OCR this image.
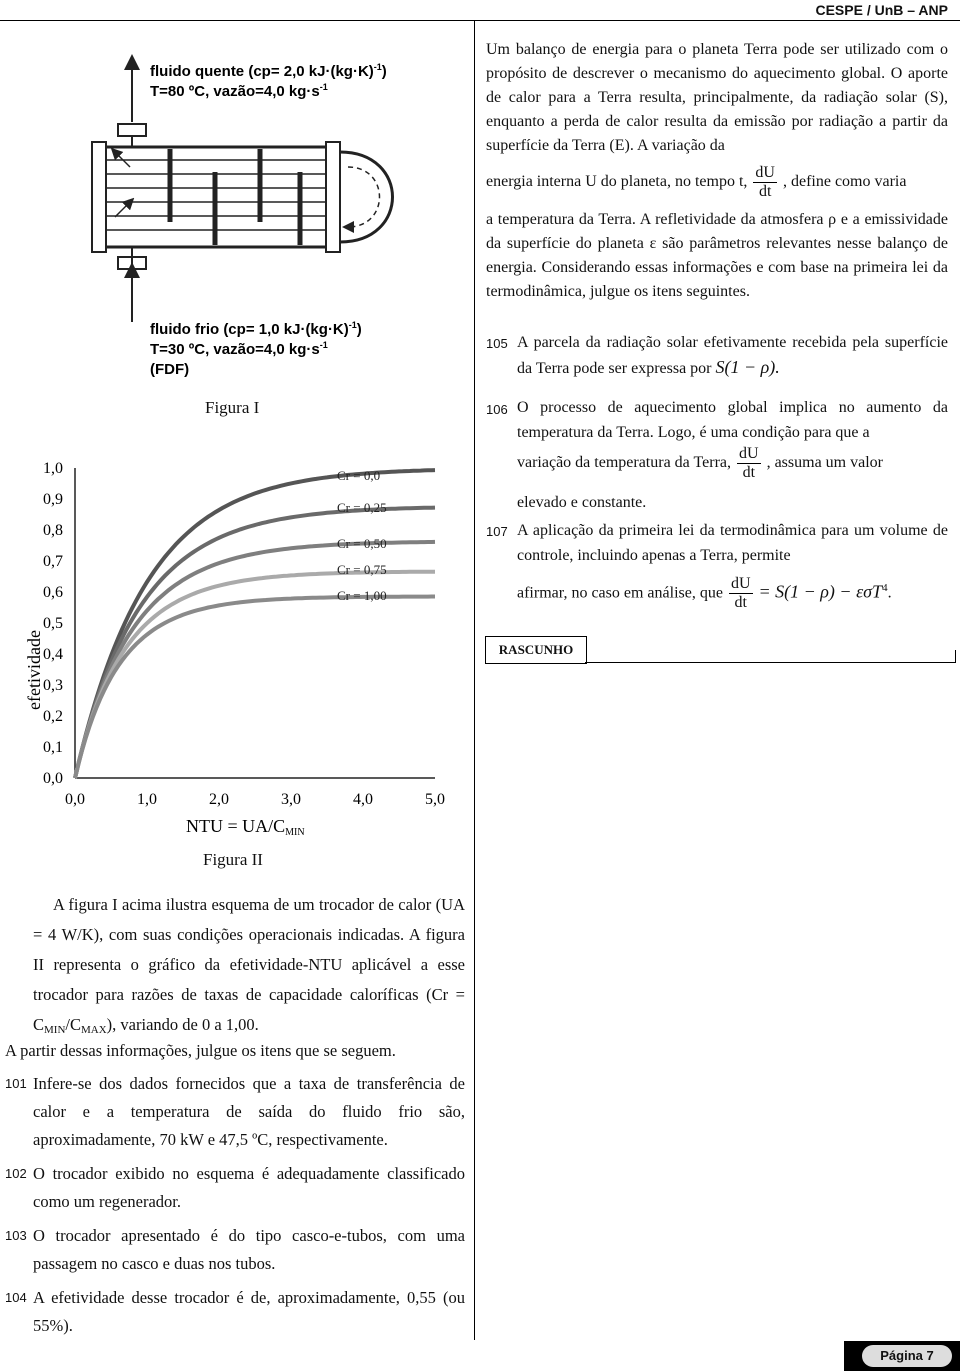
CESPE / UnB – ANP
fluido quente (cp= 2,0 $kJ\cdot(kg\cdot K)^{-1}$)
T=80 ºC, vazão=4,0 $kg\cdot s^{-1}$
fluido frio (cp= 1,0 $kJ\cdot(kg\cdot K)^{-1}$)
T=30 ºC, vazão=4,0 $kg\cdot s^{-1}$
(FDF)
Figura I
0,0
0,1
0,2
0,3
0,4
0,5
0,6
0,7
0,8
0,9
1,0
0,0	1,0	2,0	3,0	4,0	5,0
efetividade
NTU = UA/CMIN
Cr = 0,0
Cr = 0,25
Cr = 0,50
Cr = 0,75
Cr = 1,00
Figura II
A figura I acima ilustra esquema de um trocador de calor (UA = 4 W/K), com suas condições operacionais indicadas. A figura II representa o gráfico da efetividade-NTU aplicável a esse trocador para razões de taxas de capacidade caloríficas $(Cr = C_{MIN}/C_{MAX})$, variando de 0 a 1,00.
A partir dessas informações, julgue os itens que se seguem.
101 Infere-se dos dados fornecidos que a taxa de transferência de calor e a temperatura de saída do fluido frio são, aproximadamente, 70 kW e 47,5 ºC, respectivamente.
102 O trocador exibido no esquema é adequadamente classificado como um regenerador.
103 O trocador apresentado é do tipo casco-e-tubos, com uma passagem no casco e duas nos tubos.
104 A efetividade desse trocador é de, aproximadamente, 0,55 (ou 55%).
Um balanço de energia para o planeta Terra pode ser utilizado com o propósito de descrever o mecanismo do aquecimento global. O aporte de calor para a Terra resulta, principalmente, da radiação solar (S), enquanto a perda de calor resulta da emissão por radiação a partir da superfície da Terra (E). A variação da
energia interna U do planeta, no tempo t, $\frac{dU}{dt}$ , define como varia
a temperatura da Terra. A refletividade da atmosfera ρ e a emissividade da superfície do planeta ε são parâmetros relevantes nesse balanço de energia. Considerando essas informações e com base na primeira lei da termodinâmica, julgue os itens seguintes.
105 A parcela da radiação solar efetivamente recebida pela superfície da Terra pode ser expressa por S(1 − ρ).
106 O processo de aquecimento global implica no aumento da temperatura da Terra. Logo, é uma condição para que a
variação da temperatura da Terra, $\frac{dU}{dt}$ , assuma um valor
elevado e constante.
107 A aplicação da primeira lei da termodinâmica para um volume de controle, incluindo apenas a Terra, permite
afirmar, no caso em análise, que $\frac{dU}{dt} = S(1 - \rho) - \varepsilon\sigma T^4$.
RASCUNHO
Página 7
